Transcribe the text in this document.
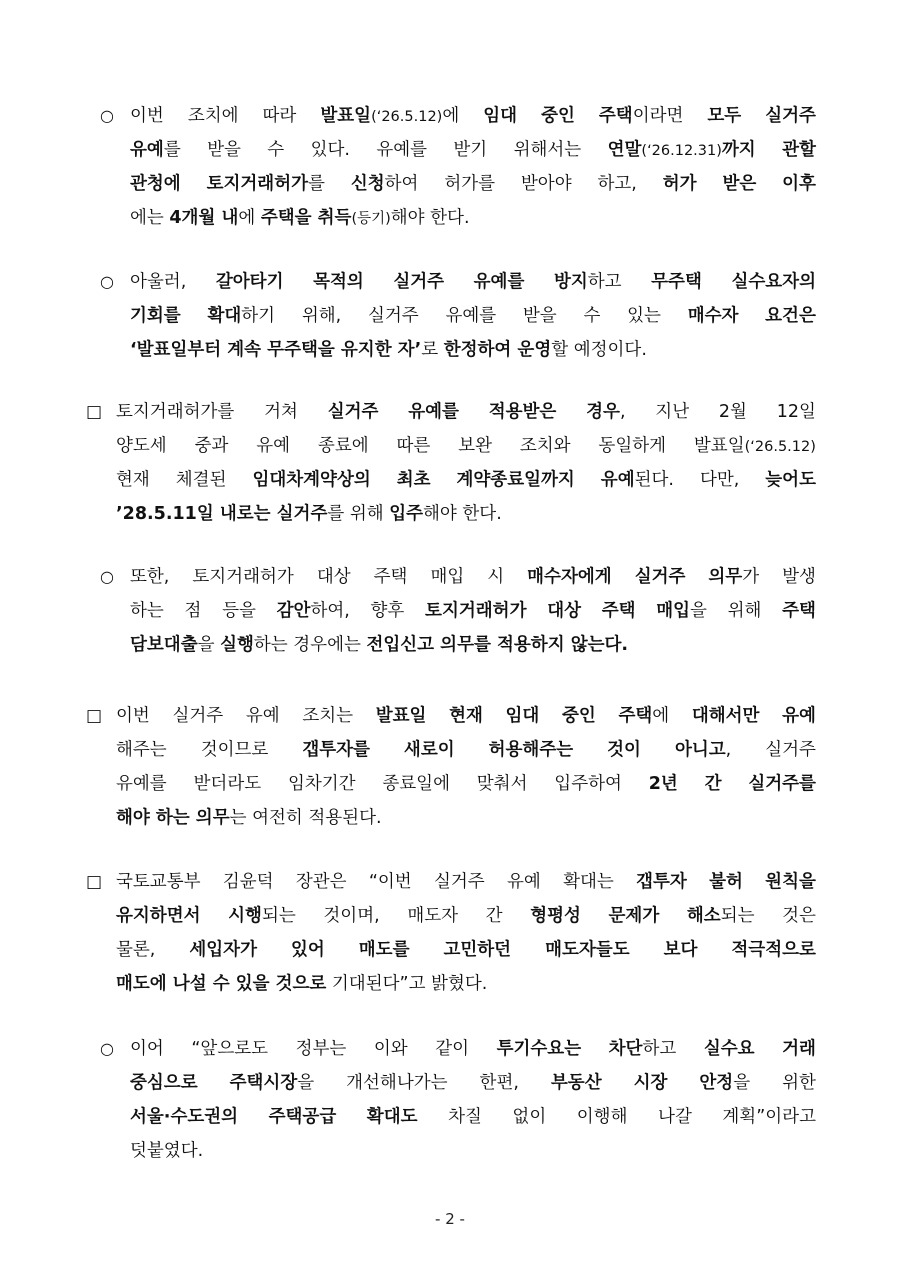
○ 이번 조치에 따라 발표일(‘26.5.12)에 임대 중인 주택이라면 모두 실거주
유예를 받을 수 있다. 유예를 받기 위해서는 연말(‘26.12.31)까지 관할
관청에 토지거래허가를 신청하여 허가를 받아야 하고, 허가 받은 이후
에는 4개월 내 에 주택을 취득 (등기) 해야 한다.
○ 아울러, 갈아타기 목적의 실거주 유예를 방지하고 무주택 실수요자의
기회를 확대하기 위해, 실거주 유예를 받을 수 있는 매수자 요건은
‘발표일부터 계속 무주택을 유지한 자’ 로 한정하여 운영 할 예정이다.
□ 토지거래허가를 거쳐 실거주 유예를 적용받은 경우, 지난 2월 12일
양도세 중과 유예 종료에 따른 보완 조치와 동일하게 발표일(‘26.5.12)
현재 체결된 임대차계약상의 최초 계약종료일까지 유예된다. 다만, 늦어도
’28.5.11일 내로는 실거주 를 위해 입주 해야 한다.
○ 또한, 토지거래허가 대상 주택 매입 시 매수자에게 실거주 의무가 발생
하는 점 등을 감안하여, 향후 토지거래허가 대상 주택 매입을 위해 주택
담보대출 을 실행 하는 경우에는 전입신고 의무를 적용하지 않는다.
□ 이번 실거주 유예 조치는 발표일 현재 임대 중인 주택에 대해서만 유예
해주는 것이므로 갭투자를 새로이 허용해주는 것이 아니고, 실거주
유예를 받더라도 임차기간 종료일에 맞춰서 입주하여 2년 간 실거주를
해야 하는 의무 는 여전히 적용된다.
□ 국토교통부 김윤덕 장관은 “이번 실거주 유예 확대는 갭투자 불허 원칙을
유지하면서 시행되는 것이며, 매도자 간 형평성 문제가 해소되는 것은
물론, 세입자가 있어 매도를 고민하던 매도자들도 보다 적극적으로
매도에 나설 수 있을 것으로 기대된다”고 밝혔다.
○ 이어 “앞으로도 정부는 이와 같이 투기수요는 차단하고 실수요 거래
중심으로 주택시장을 개선해나가는 한편, 부동산 시장 안정을 위한
서울·수도권의 주택공급 확대도 차질 없이 이행해 나갈 계획”이라고
덧붙였다.
- 2 -
